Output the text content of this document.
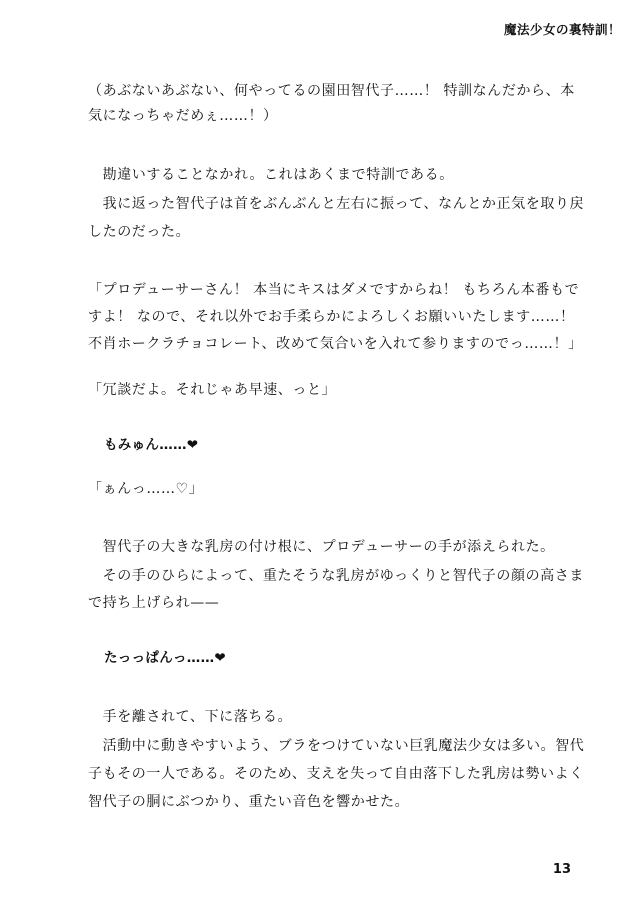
魔法少女の裏特訓！
（あぶないあぶない、何やってるの園田智代子……！ 特訓なんだから、本
気になっちゃだめぇ……！）
　勘違いすることなかれ。これはあくまで特訓である。
　我に返った智代子は首をぶんぶんと左右に振って、なんとか正気を取り戻
したのだった。
「プロデューサーさん！ 本当にキスはダメですからね！ もちろん本番もで
すよ！ なので、それ以外でお手柔らかによろしくお願いいたします……！
不肖ホークラチョコレート、改めて気合いを入れて参りますのでっ……！」
「冗談だよ。それじゃあ早速、っと」
もみゅん……❤
「ぁんっ……♡」
　智代子の大きな乳房の付け根に、プロデューサーの手が添えられた。
　その手のひらによって、重たそうな乳房がゆっくりと智代子の顔の高さま
で持ち上げられ——
たっっぱんっ……❤
　手を離されて、下に落ちる。
　活動中に動きやすいよう、ブラをつけていない巨乳魔法少女は多い。智代
子もその一人である。そのため、支えを失って自由落下した乳房は勢いよく
智代子の胴にぶつかり、重たい音色を響かせた。
13
